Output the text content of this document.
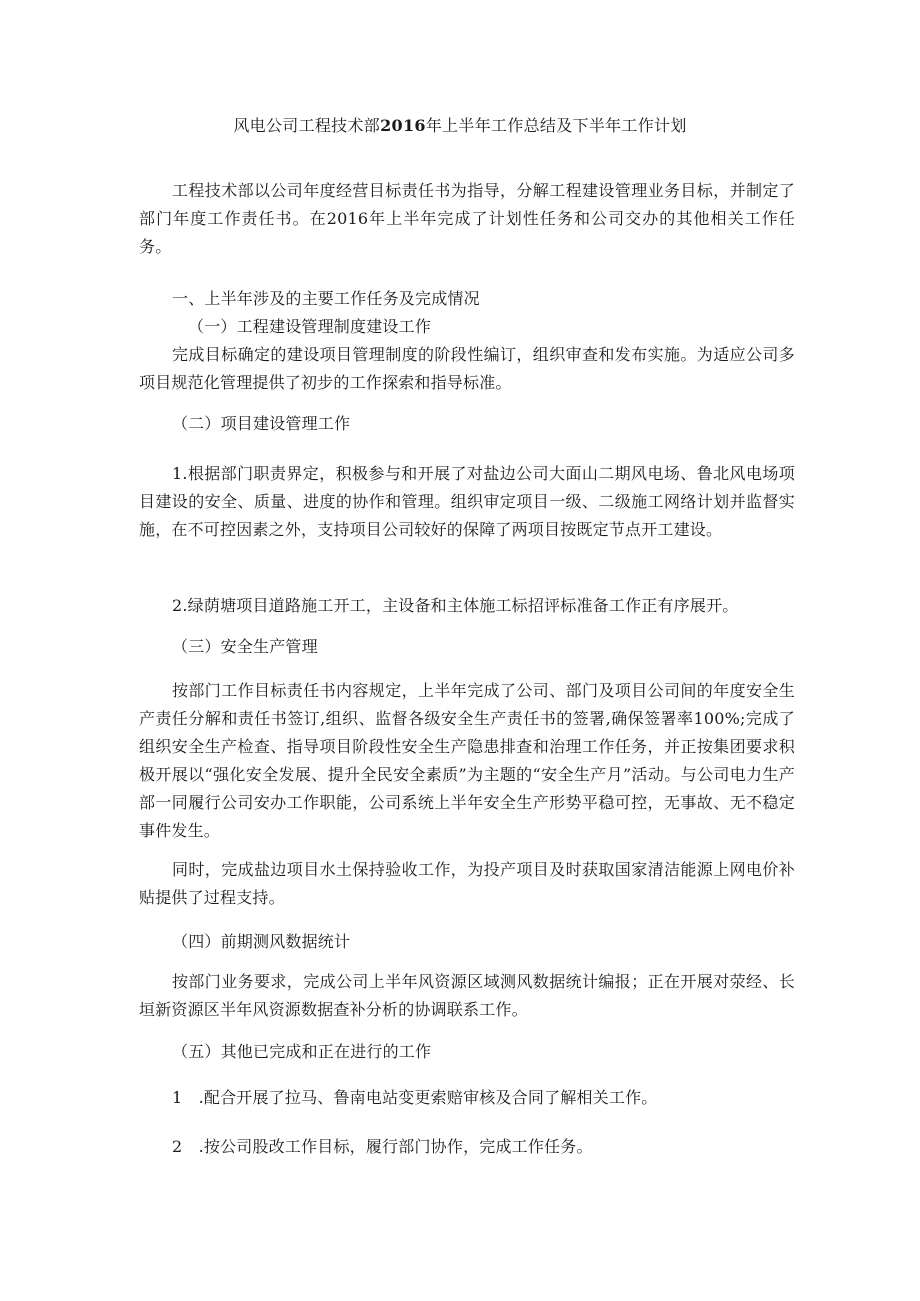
风电公司工程技术部2016年上半年工作总结及下半年工作计划

工程技术部以公司年度经营目标责任书为指导，分解工程建设管理业务目标，并制定了部门年度工作责任书。在2016年上半年完成了计划性任务和公司交办的其他相关工作任务。

一、上半年涉及的主要工作任务及完成情况

（一）工程建设管理制度建设工作

完成目标确定的建设项目管理制度的阶段性编订，组织审查和发布实施。为适应公司多项目规范化管理提供了初步的工作探索和指导标准。

（二）项目建设管理工作

1.根据部门职责界定，积极参与和开展了对盐边公司大面山二期风电场、鲁北风电场项目建设的安全、质量、进度的协作和管理。组织审定项目一级、二级施工网络计划并监督实施，在不可控因素之外，支持项目公司较好的保障了两项目按既定节点开工建设。

2.绿荫塘项目道路施工开工，主设备和主体施工标招评标准备工作正有序展开。

（三）安全生产管理

按部门工作目标责任书内容规定，上半年完成了公司、部门及项目公司间的年度安全生产责任分解和责任书签订,组织、监督各级安全生产责任书的签署,确保签署率100%;完成了组织安全生产检查、指导项目阶段性安全生产隐患排查和治理工作任务，并正按集团要求积极开展以“强化安全发展、提升全民安全素质”为主题的“安全生产月”活动。与公司电力生产部一同履行公司安办工作职能，公司系统上半年安全生产形势平稳可控，无事故、无不稳定事件发生。

同时，完成盐边项目水土保持验收工作，为投产项目及时获取国家清洁能源上网电价补贴提供了过程支持。

（四）前期测风数据统计

按部门业务要求，完成公司上半年风资源区域测风数据统计编报；正在开展对荥经、长垣新资源区半年风资源数据查补分析的协调联系工作。

（五）其他已完成和正在进行的工作

1　.配合开展了拉马、鲁南电站变更索赔审核及合同了解相关工作。

2　.按公司股改工作目标，履行部门协作，完成工作任务。
